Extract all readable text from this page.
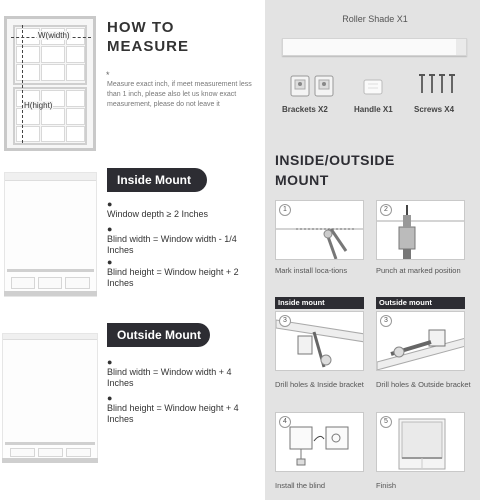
W(width)
H(hight)
HOW TO
MEASURE
*

Measure exact inch, if meet measurement less than 1 inch, please also let us know exact measurement, please do not leave it

Inside Mount
●
Window depth ≥ 2 Inches
●
Blind width = Window width - 1/4 Inches
●
Blind height = Window height + 2 Inches
Outside Mount
●
Blind width = Window width + 4 Inches
●
Blind height = Window height + 4 Inches
Roller Shade X1
Brackets X2	Handle X1	Screws X4
INSIDE/OUTSIDE
MOUNT
1
Mark install loca-tions
2
Punch at marked position
Inside mount
3
Drill holes & Inside bracket
Outside mount
3
Drill holes & Outside bracket
4
Install the blind
5
Finish
